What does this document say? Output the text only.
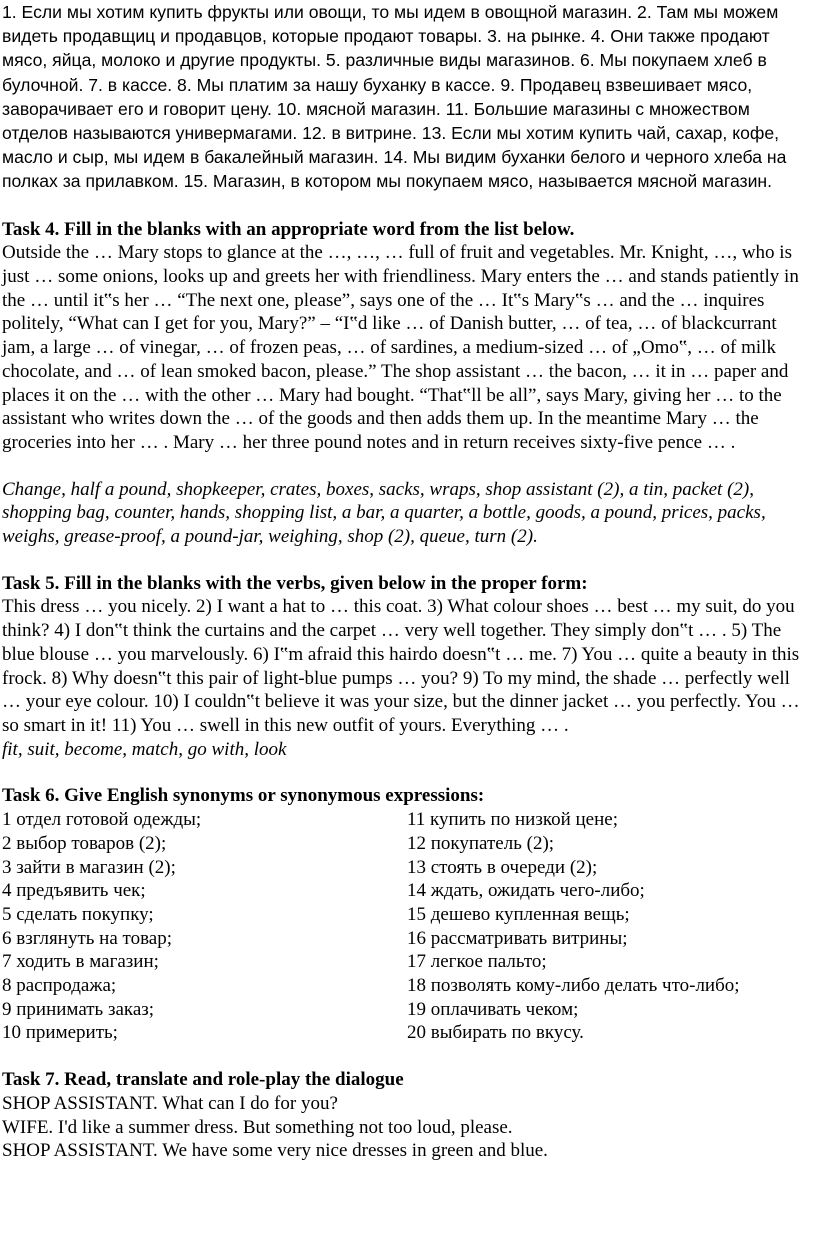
1. Если мы хотим купить фрукты или овощи, то мы идем в овощной магазин. 2. Там мы можем видеть продавщиц и продавцов, которые продают товары. 3. на рынке. 4. Они также продают мясо, яйца, молоко и другие продукты. 5. различные виды магазинов. 6. Мы покупаем хлеб в булочной. 7. в кассе. 8. Мы платим за нашу буханку в кассе. 9. Продавец взвешивает мясо, заворачивает его и говорит цену. 10. мясной магазин. 11. Большие магазины с множеством отделов называются универмагами. 12. в витрине. 13. Если мы хотим купить чай, сахар, кофе, масло и сыр, мы идем в бакалейный магазин. 14. Мы видим буханки белого и черного хлеба на полках за прилавком. 15. Магазин, в котором мы покупаем мясо, называется мясной магазин.

Task 4. Fill in the blanks with an appropriate word from the list below.

Outside the … Mary stops to glance at the …, …, … full of fruit and vegetables. Mr. Knight, …, who is just … some onions, looks up and greets her with friendliness. Mary enters the … and stands patiently in the … until it‟s her … “The next one, please”, says one of the … It‟s Mary‟s … and the … inquires politely, “What can I get for you, Mary?” – “I‟d like … of Danish butter, … of tea, … of blackcurrant jam, a large … of vinegar, … of frozen peas, … of sardines, a medium-sized … of „Omo‟, … of milk chocolate, and … of lean smoked bacon, please.” The shop assistant … the bacon, … it in … paper and places it on the … with the other … Mary had bought. “That‟ll be all”, says Mary, giving her … to the assistant who writes down the … of the goods and then adds them up. In the meantime Mary … the groceries into her … . Mary … her three pound notes and in return receives sixty-five pence … .

Change, half a pound, shopkeeper, crates, boxes, sacks, wraps, shop assistant (2), a tin, packet (2), shopping bag, counter, hands, shopping list, a bar, a quarter, a bottle, goods, a pound, prices, packs, weighs, grease-proof, a pound-jar, weighing, shop (2), queue, turn (2).

Task 5. Fill in the blanks with the verbs, given below in the proper form:

This dress … you nicely. 2) I want a hat to … this coat. 3) What colour shoes … best … my suit, do you think? 4) I don‟t think the curtains and the carpet … very well together. They simply don‟t … . 5) The blue blouse … you marvelously. 6) I‟m afraid this hairdo doesn‟t … me. 7) You … quite a beauty in this frock. 8) Why doesn‟t this pair of light-blue pumps … you? 9) To my mind, the shade … perfectly well … your eye colour. 10) I couldn‟t believe it was your size, but the dinner jacket … you perfectly. You … so smart in it! 11) You … swell in this new outfit of yours. Everything … .

fit, suit, become, match, go with, look

Task 6. Give English synonyms or synonymous expressions:

1 отдел готовой одежды;	11 купить по низкой цене;
2 выбор товаров (2);	12 покупатель (2);
3 зайти в магазин (2);	13 стоять в очереди (2);
4 предъявить чек;	14 ждать, ожидать чего-либо;
5 сделать покупку;	15 дешево купленная вещь;
6 взглянуть на товар;	16 рассматривать витрины;
7 ходить в магазин;	17 легкое пальто;
8 распродажа;	18 позволять кому-либо делать что-либо;
9 принимать заказ;	19 оплачивать чеком;
10 примерить;	20 выбирать по вкусу.

Task 7. Read, translate and role-play the dialogue

SHOP ASSISTANT. What can I do for you?

WIFE. I'd like a summer dress. But something not too loud, please.

SHOP ASSISTANT. We have some very nice dresses in green and blue.
